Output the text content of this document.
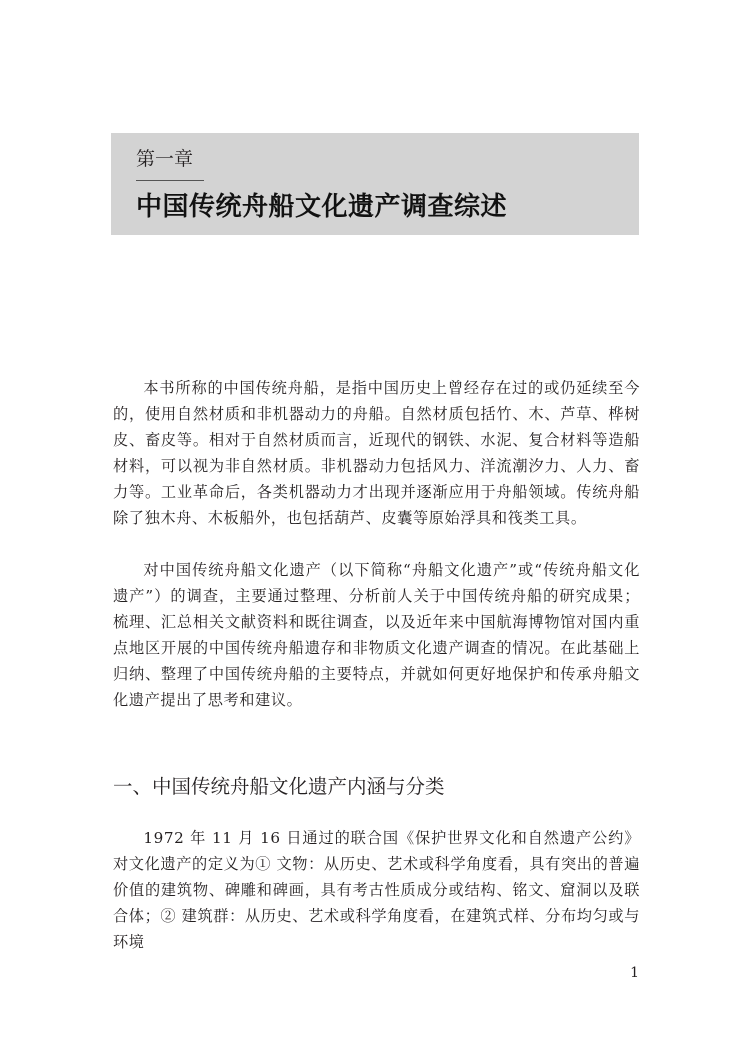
第一章
中国传统舟船文化遗产调查综述

本书所称的中国传统舟船，是指中国历史上曾经存在过的或仍延续至今的，使用自然材质和非机器动力的舟船。自然材质包括竹、木、芦草、桦树皮、畜皮等。相对于自然材质而言，近现代的钢铁、水泥、复合材料等造船材料，可以视为非自然材质。非机器动力包括风力、洋流潮汐力、人力、畜力等。工业革命后，各类机器动力才出现并逐渐应用于舟船领域。传统舟船除了独木舟、木板船外，也包括葫芦、皮囊等原始浮具和筏类工具。

对中国传统舟船文化遗产（以下简称“舟船文化遗产”或“传统舟船文化遗产”）的调查，主要通过整理、分析前人关于中国传统舟船的研究成果；梳理、汇总相关文献资料和既往调查，以及近年来中国航海博物馆对国内重点地区开展的中国传统舟船遗存和非物质文化遗产调查的情况。在此基础上归纳、整理了中国传统舟船的主要特点，并就如何更好地保护和传承舟船文化遗产提出了思考和建议。

一、中国传统舟船文化遗产内涵与分类

1972 年 11 月 16 日通过的联合国《保护世界文化和自然遗产公约》对文化遗产的定义为① 文物：从历史、艺术或科学角度看，具有突出的普遍价值的建筑物、碑雕和碑画，具有考古性质成分或结构、铭文、窟洞以及联合体；② 建筑群：从历史、艺术或科学角度看，在建筑式样、分布均匀或与环境

1
